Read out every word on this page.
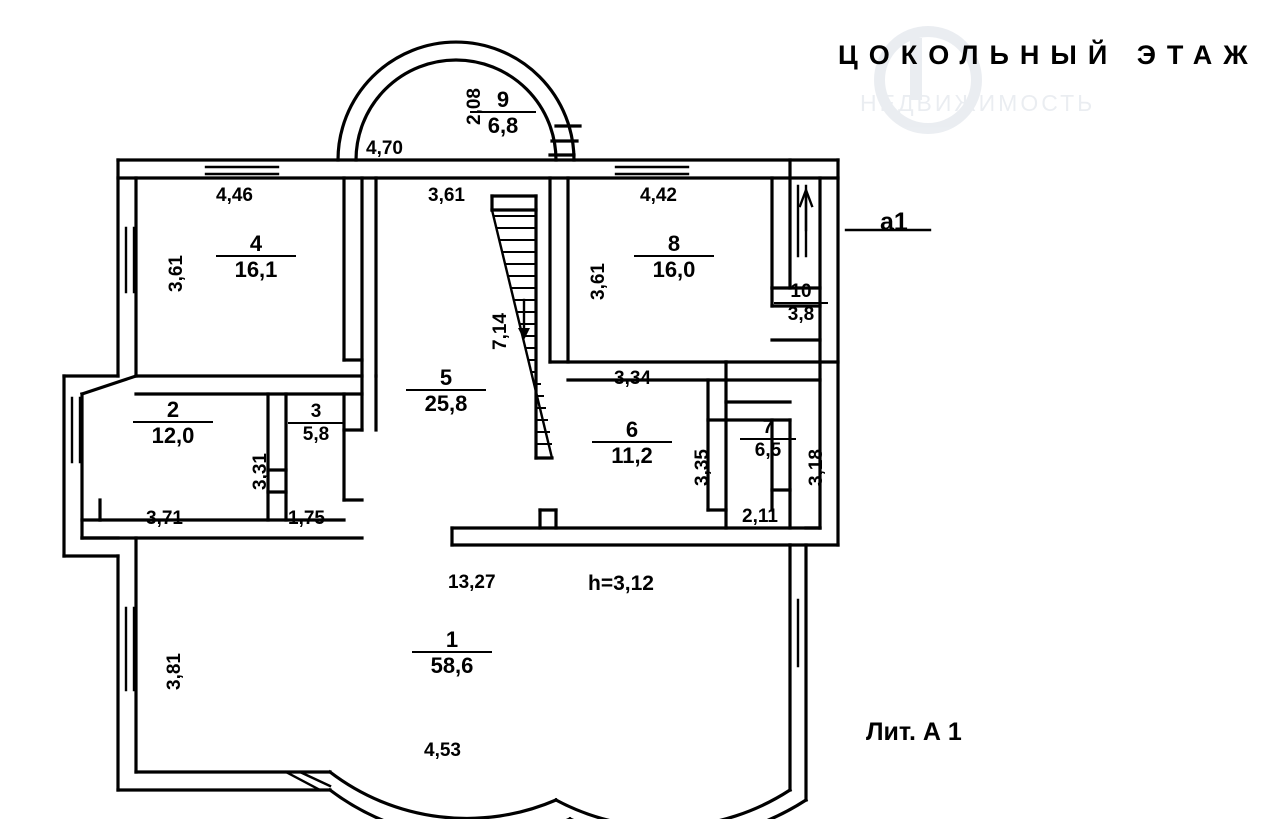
НЕДВИЖИМОСТЬ
ЦОКОЛЬНЫЙ ЭТАЖ
Лит. А 1
h=3,12
а1
1
58,6
2
12,0
3
5,8
4
16,1
5
25,8
6
11,2
7
6,5
8
16,0
9
6,8
10
3,8
4,70
4,46	3,61	4,42
3,71	1,75
3,34
2,11
13,27
4,53
2,08
3,61	3,61
7,14
3,31	3,35	3,18
3,81
